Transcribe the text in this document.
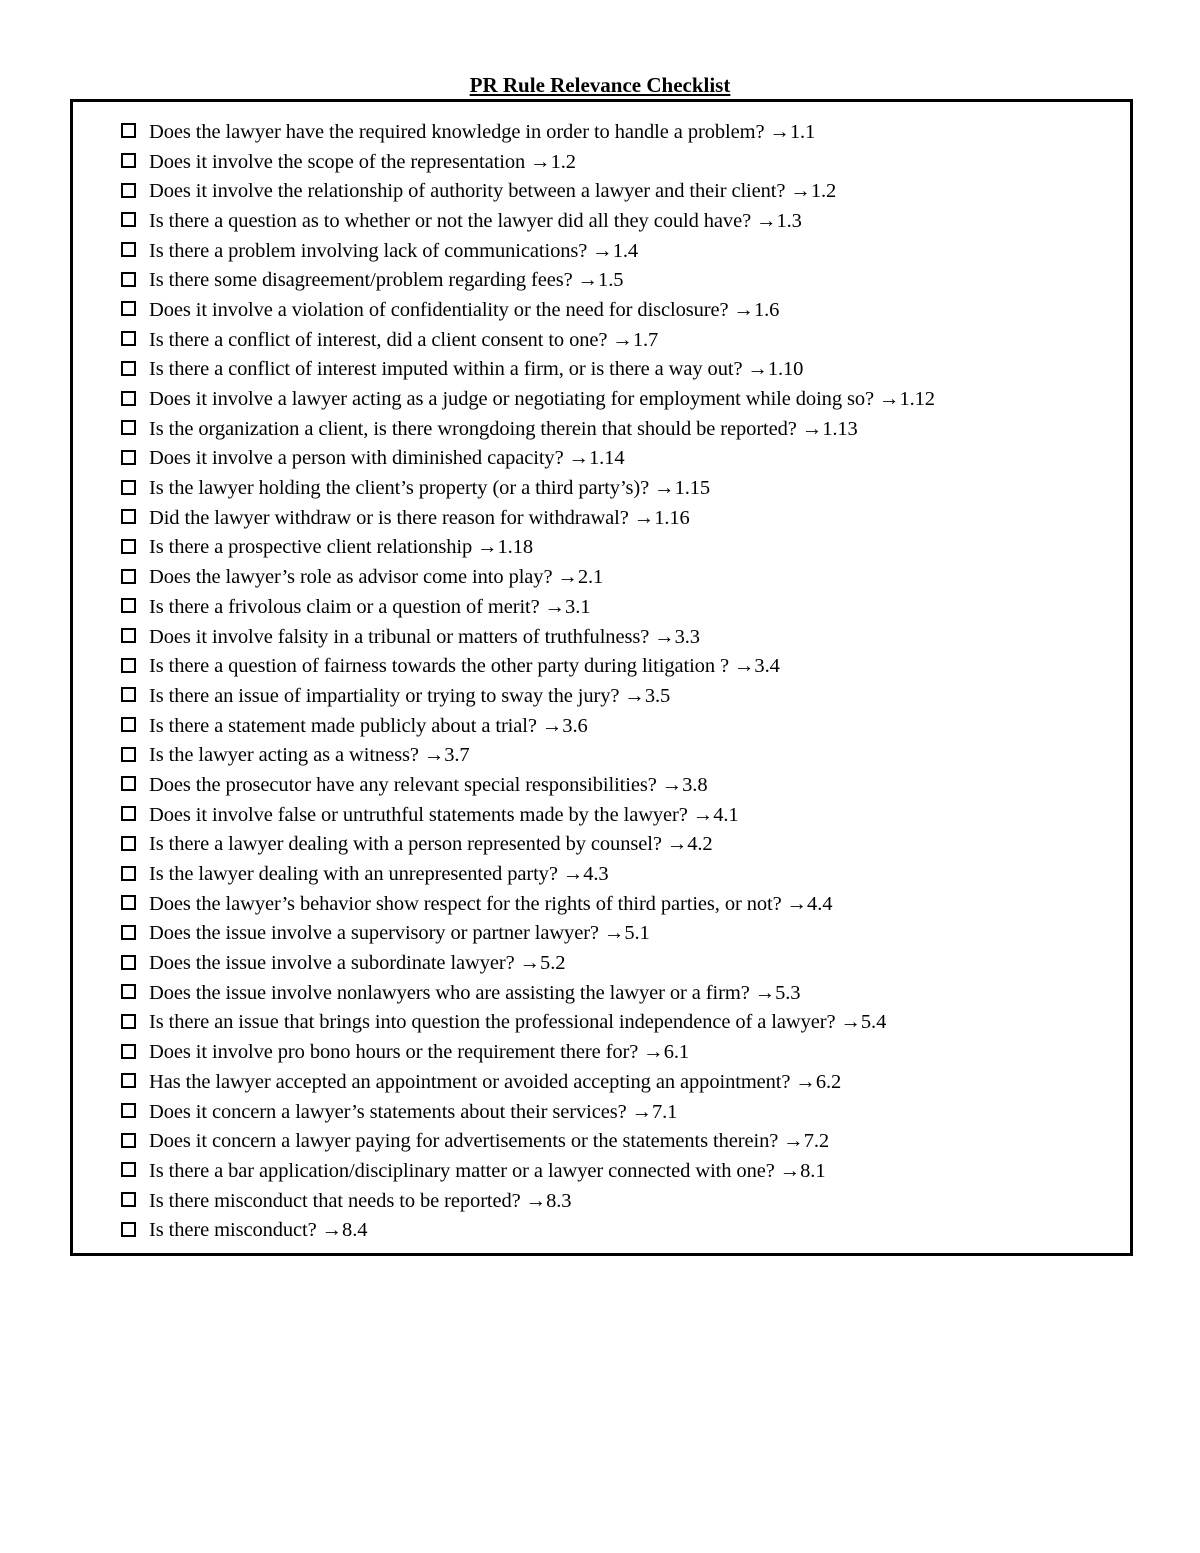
PR Rule Relevance Checklist
Does the lawyer have the required knowledge in order to handle a problem? →1.1
Does it involve the scope of the representation →1.2
Does it involve the relationship of authority between a lawyer and their client? →1.2
Is there a question as to whether or not the lawyer did all they could have? →1.3
Is there a problem involving lack of communications? →1.4
Is there some disagreement/problem regarding fees? →1.5
Does it involve a violation of confidentiality or the need for disclosure? →1.6
Is there a conflict of interest, did a client consent to one? →1.7
Is there a conflict of interest imputed within a firm, or is there a way out? →1.10
Does it involve a lawyer acting as a judge or negotiating for employment while doing so? →1.12
Is the organization a client, is there wrongdoing therein that should be reported? →1.13
Does it involve a person with diminished capacity? →1.14
Is the lawyer holding the client’s property (or a third party’s)? →1.15
Did the lawyer withdraw or is there reason for withdrawal? →1.16
Is there a prospective client relationship →1.18
Does the lawyer’s role as advisor come into play? →2.1
Is there a frivolous claim or a question of merit? →3.1
Does it involve falsity in a tribunal or matters of truthfulness? →3.3
Is there a question of fairness towards the other party during litigation ? →3.4
Is there an issue of impartiality or trying to sway the jury? →3.5
Is there a statement made publicly about a trial? →3.6
Is the lawyer acting as a witness? →3.7
Does the prosecutor have any relevant special responsibilities? →3.8
Does it involve false or untruthful statements made by the lawyer? →4.1
Is there a lawyer dealing with a person represented by counsel? →4.2
Is the lawyer dealing with an unrepresented party? →4.3
Does the lawyer’s behavior show respect for the rights of third parties, or not? →4.4
Does the issue involve a supervisory or partner lawyer? →5.1
Does the issue involve a subordinate lawyer? →5.2
Does the issue involve nonlawyers who are assisting the lawyer or a firm? →5.3
Is there an issue that brings into question the professional independence of a lawyer? →5.4
Does it involve pro bono hours or the requirement there for? →6.1
Has the lawyer accepted an appointment or avoided accepting an appointment? →6.2
Does it concern a lawyer’s statements about their services? →7.1
Does it concern a lawyer paying for advertisements or the statements therein? →7.2
Is there a bar application/disciplinary matter or a lawyer connected with one? →8.1
Is there misconduct that needs to be reported? →8.3
Is there misconduct? →8.4
